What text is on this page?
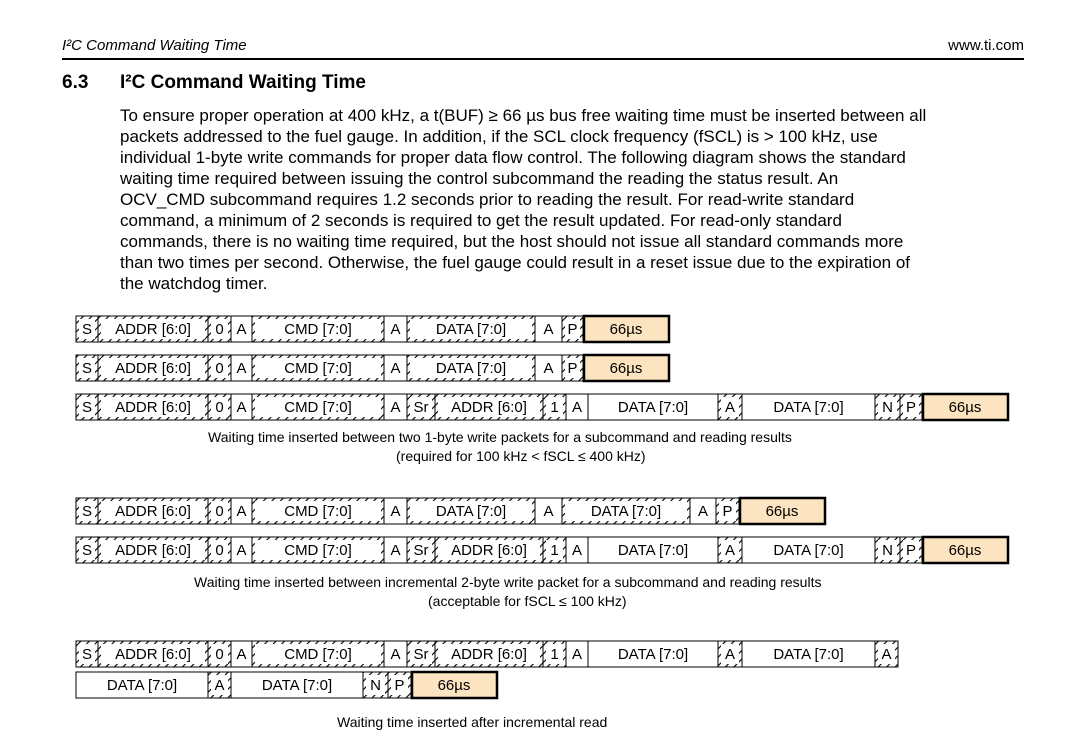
I²C Command Waiting Time	www.ti.com
6.3 I²C Command Waiting Time

To ensure proper operation at 400 kHz, a t(BUF) ≥ 66 µs bus free waiting time must be inserted between all

packets addressed to the fuel gauge. In addition, if the SCL clock frequency (fSCL) is > 100 kHz, use

individual 1-byte write commands for proper data flow control. The following diagram shows the standard

waiting time required between issuing the control subcommand the reading the status result. An

OCV_CMD subcommand requires 1.2 seconds prior to reading the result. For read-write standard

command, a minimum of 2 seconds is required to get the result updated. For read-only standard

commands, there is no waiting time required, but the host should not issue all standard commands more

than two times per second. Otherwise, the fuel gauge could result in a reset issue due to the expiration of

the watchdog timer.

S ADDR [6:0] 0 A	CMD [7:0]	A DATA [7:0] A P 66µs
S ADDR [6:0] 0 A	CMD [7:0]	A DATA [7:0] A P 66µs
S ADDR [6:0] 0 A	CMD [7:0]	A Sr ADDR [6:0] 1 A DATA [7:0] A	DATA [7:0]	N P 66µs
S ADDR [6:0] 0 A	CMD [7:0]	A DATA [7:0] A DATA [7:0] A P 66µs
S ADDR [6:0] 0 A	CMD [7:0]	A Sr ADDR [6:0] 1 A DATA [7:0] A	DATA [7:0]	N P 66µs
S ADDR [6:0] 0 A	CMD [7:0]	A Sr ADDR [6:0] 1 A DATA [7:0] A	DATA [7:0]	A
DATA [7:0] A DATA [7:0]	N P 66µs
Waiting time inserted between two 1-byte write packets for a subcommand and reading results
(required for 100 kHz < fSCL ≤ 400 kHz)
Waiting time inserted between incremental 2-byte write packet for a subcommand and reading results
(acceptable for fSCL ≤ 100 kHz)
Waiting time inserted after incremental read
